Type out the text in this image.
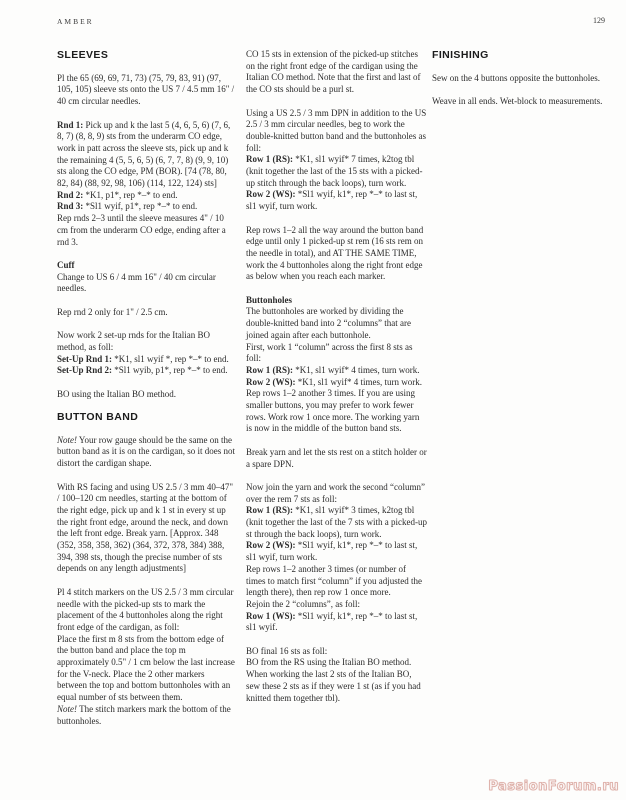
AMBER	129
SLEEVES

Pl the 65 (69, 69, 71, 73) (75, 79, 83, 91) (97, 105, 105) sleeve sts onto the US 7 / 4.5 mm 16" / 40 cm circular needles.

Rnd 1: Pick up and k the last 5 (4, 6, 5, 6) (7, 6, 8, 7) (8, 8, 9) sts from the underarm CO edge, work in patt across the sleeve sts, pick up and k the remaining 4 (5, 5, 6, 5) (6, 7, 7, 8) (9, 9, 10) sts along the CO edge, PM (BOR). [74 (78, 80, 82, 84) (88, 92, 98, 106) (114, 122, 124) sts]
Rnd 2: *K1, p1*, rep *–* to end.
Rnd 3: *Sl1 wyif, p1*, rep *–* to end.
Rep rnds 2–3 until the sleeve measures 4" / 10 cm from the underarm CO edge, ending after a rnd 3.

Cuff
Change to US 6 / 4 mm 16" / 40 cm circular needles.

Rep rnd 2 only for 1" / 2.5 cm.

Now work 2 set-up rnds for the Italian BO method, as foll:
Set-Up Rnd 1: *K1, sl1 wyif *, rep *–* to end.
Set-Up Rnd 2: *Sl1 wyib, p1*, rep *–* to end.

BO using the Italian BO method.

BUTTON BAND

Note! Your row gauge should be the same on the button band as it is on the cardigan, so it does not distort the cardigan shape.

With RS facing and using US 2.5 / 3 mm 40–47" / 100–120 cm needles, starting at the bottom of the right edge, pick up and k 1 st in every st up the right front edge, around the neck, and down the left front edge. Break yarn. [Approx. 348 (352, 358, 358, 362) (364, 372, 378, 384) 388, 394, 398 sts, though the precise number of sts depends on any length adjustments]

Pl 4 stitch markers on the US 2.5 / 3 mm circular needle with the picked-up sts to mark the placement of the 4 buttonholes along the right front edge of the cardigan, as foll:
Place the first m 8 sts from the bottom edge of the button band and place the top m approximately 0.5" / 1 cm below the last increase for the V-neck. Place the 2 other markers between the top and bottom buttonholes with an equal number of sts between them.
Note! The stitch markers mark the bottom of the buttonholes.

CO 15 sts in extension of the picked-up stitches on the right front edge of the cardigan using the Italian CO method. Note that the first and last of the CO sts should be a purl st.

Using a US 2.5 / 3 mm DPN in addition to the US 2.5 / 3 mm circular needles, beg to work the double-knitted button band and the buttonholes as foll:
Row 1 (RS): *K1, sl1 wyif* 7 times, k2tog tbl (knit together the last of the 15 sts with a picked-up stitch through the back loops), turn work.
Row 2 (WS): *Sl1 wyif, k1*, rep *–* to last st, sl1 wyif, turn work.

Rep rows 1–2 all the way around the button band edge until only 1 picked-up st rem (16 sts rem on the needle in total), and AT THE SAME TIME, work the 4 buttonholes along the right front edge as below when you reach each marker.

Buttonholes
The buttonholes are worked by dividing the double-knitted band into 2 “columns” that are joined again after each buttonhole.
First, work 1 “column” across the first 8 sts as foll:
Row 1 (RS): *K1, sl1 wyif* 4 times, turn work.
Row 2 (WS): *K1, sl1 wyif* 4 times, turn work.
Rep rows 1–2 another 3 times. If you are using smaller buttons, you may prefer to work fewer rows. Work row 1 once more. The working yarn is now in the middle of the button band sts.

Break yarn and let the sts rest on a stitch holder or a spare DPN.

Now join the yarn and work the second “column” over the rem 7 sts as foll:
Row 1 (RS): *K1, sl1 wyif* 3 times, k2tog tbl (knit together the last of the 7 sts with a picked-up st through the back loops), turn work.
Row 2 (WS): *Sl1 wyif, k1*, rep *–* to last st, sl1 wyif, turn work.
Rep rows 1–2 another 3 times (or number of times to match first “column” if you adjusted the length there), then rep row 1 once more.
Rejoin the 2 “columns”, as foll:
Row 1 (WS): *Sl1 wyif, k1*, rep *–* to last st, sl1 wyif.

BO final 16 sts as foll:
BO from the RS using the Italian BO method. When working the last 2 sts of the Italian BO, sew these 2 sts as if they were 1 st (as if you had knitted them together tbl).

FINISHING

Sew on the 4 buttons opposite the buttonholes.

Weave in all ends. Wet-block to measurements.

PassionForum.ru
